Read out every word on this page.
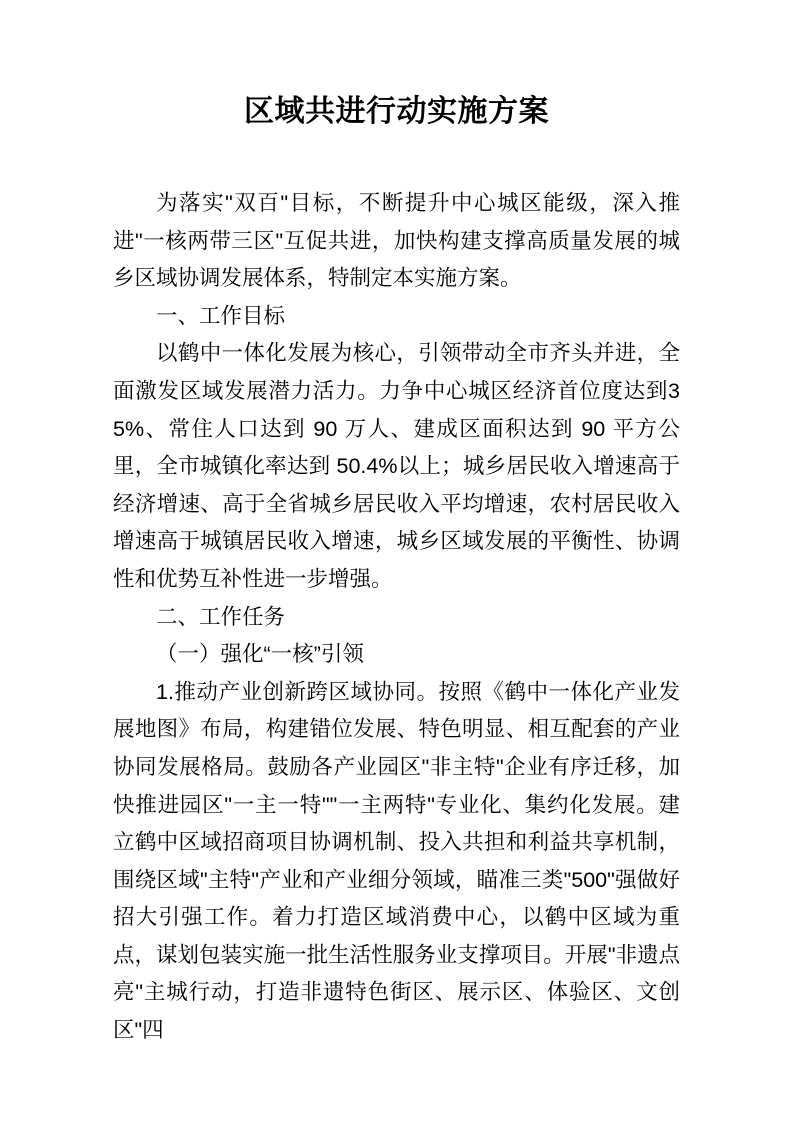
区域共进行动实施方案

为落实"双百"目标，不断提升中心城区能级，深入推进"一核两带三区"互促共进，加快构建支撑高质量发展的城乡区域协调发展体系，特制定本实施方案。

一、工作目标

以鹤中一体化发展为核心，引领带动全市齐头并进，全面激发区域发展潜力活力。力争中心城区经济首位度达到35%、常住人口达到 90 万人、建成区面积达到 90 平方公里，全市城镇化率达到 50.4%以上；城乡居民收入增速高于经济增速、高于全省城乡居民收入平均增速，农村居民收入增速高于城镇居民收入增速，城乡区域发展的平衡性、协调性和优势互补性进一步增强。

二、工作任务
（一）强化“一核”引领

1.推动产业创新跨区域协同。按照《鹤中一体化产业发展地图》布局，构建错位发展、特色明显、相互配套的产业协同发展格局。鼓励各产业园区"非主特"企业有序迁移，加快推进园区"一主一特""一主两特"专业化、集约化发展。建立鹤中区域招商项目协调机制、投入共担和利益共享机制，围绕区域"主特"产业和产业细分领域，瞄准三类"500"强做好招大引强工作。着力打造区域消费中心，以鹤中区域为重点，谋划包装实施一批生活性服务业支撑项目。开展"非遗点亮"主城行动，打造非遗特色街区、展示区、体验区、文创区"四
